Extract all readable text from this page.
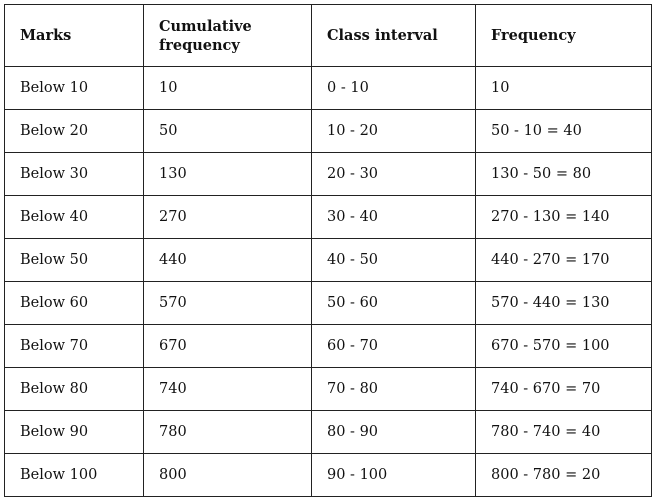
Marks	Cumulative frequency	Class interval	Frequency
Below 10	10	0 - 10	10
Below 20	50	10 - 20	50 - 10 = 40
Below 30	130	20 - 30	130 - 50 = 80
Below 40	270	30 - 40	270 - 130 = 140
Below 50	440	40 - 50	440 - 270 = 170
Below 60	570	50 - 60	570 - 440 = 130
Below 70	670	60 - 70	670 - 570 = 100
Below 80	740	70 - 80	740 - 670 = 70
Below 90	780	80 - 90	780 - 740 = 40
Below 100	800	90 - 100	800 - 780 = 20
